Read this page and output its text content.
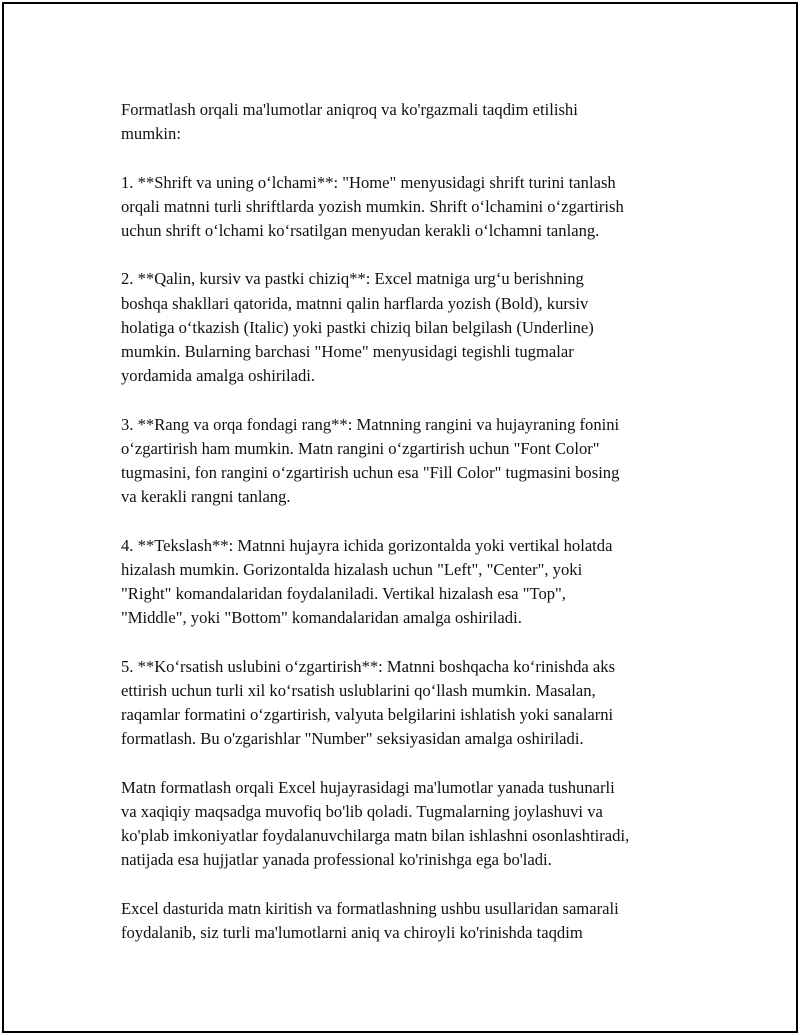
Formatlash orqali ma'lumotlar aniqroq va ko'rgazmali taqdim etilishi
mumkin:

1. **Shrift va uning o‘lchami**: "Home" menyusidagi shrift turini tanlash
orqali matnni turli shriftlarda yozish mumkin. Shrift o‘lchamini o‘zgartirish
uchun shrift o‘lchami ko‘rsatilgan menyudan kerakli o‘lchamni tanlang.

2. **Qalin, kursiv va pastki chiziq**: Excel matniga urg‘u berishning
boshqa shakllari qatorida, matnni qalin harflarda yozish (Bold), kursiv
holatiga o‘tkazish (Italic) yoki pastki chiziq bilan belgilash (Underline)
mumkin. Bularning barchasi "Home" menyusidagi tegishli tugmalar
yordamida amalga oshiriladi.

3. **Rang va orqa fondagi rang**: Matnning rangini va hujayraning fonini
o‘zgartirish ham mumkin. Matn rangini o‘zgartirish uchun "Font Color"
tugmasini, fon rangini o‘zgartirish uchun esa "Fill Color" tugmasini bosing
va kerakli rangni tanlang.

4. **Tekslash**: Matnni hujayra ichida gorizontalda yoki vertikal holatda
hizalash mumkin. Gorizontalda hizalash uchun "Left", "Center", yoki
"Right" komandalaridan foydalaniladi. Vertikal hizalash esa "Top",
"Middle", yoki "Bottom" komandalaridan amalga oshiriladi.

5. **Ko‘rsatish uslubini o‘zgartirish**: Matnni boshqacha ko‘rinishda aks
ettirish uchun turli xil ko‘rsatish uslublarini qo‘llash mumkin. Masalan,
raqamlar formatini o‘zgartirish, valyuta belgilarini ishlatish yoki sanalarni
formatlash. Bu o'zgarishlar "Number" seksiyasidan amalga oshiriladi.

Matn formatlash orqali Excel hujayrasidagi ma'lumotlar yanada tushunarli
va xaqiqiy maqsadga muvofiq bo'lib qoladi. Tugmalarning joylashuvi va
ko'plab imkoniyatlar foydalanuvchilarga matn bilan ishlashni osonlashtiradi,
natijada esa hujjatlar yanada professional ko'rinishga ega bo'ladi.

Excel dasturida matn kiritish va formatlashning ushbu usullaridan samarali
foydalanib, siz turli ma'lumotlarni aniq va chiroyli ko'rinishda taqdim
